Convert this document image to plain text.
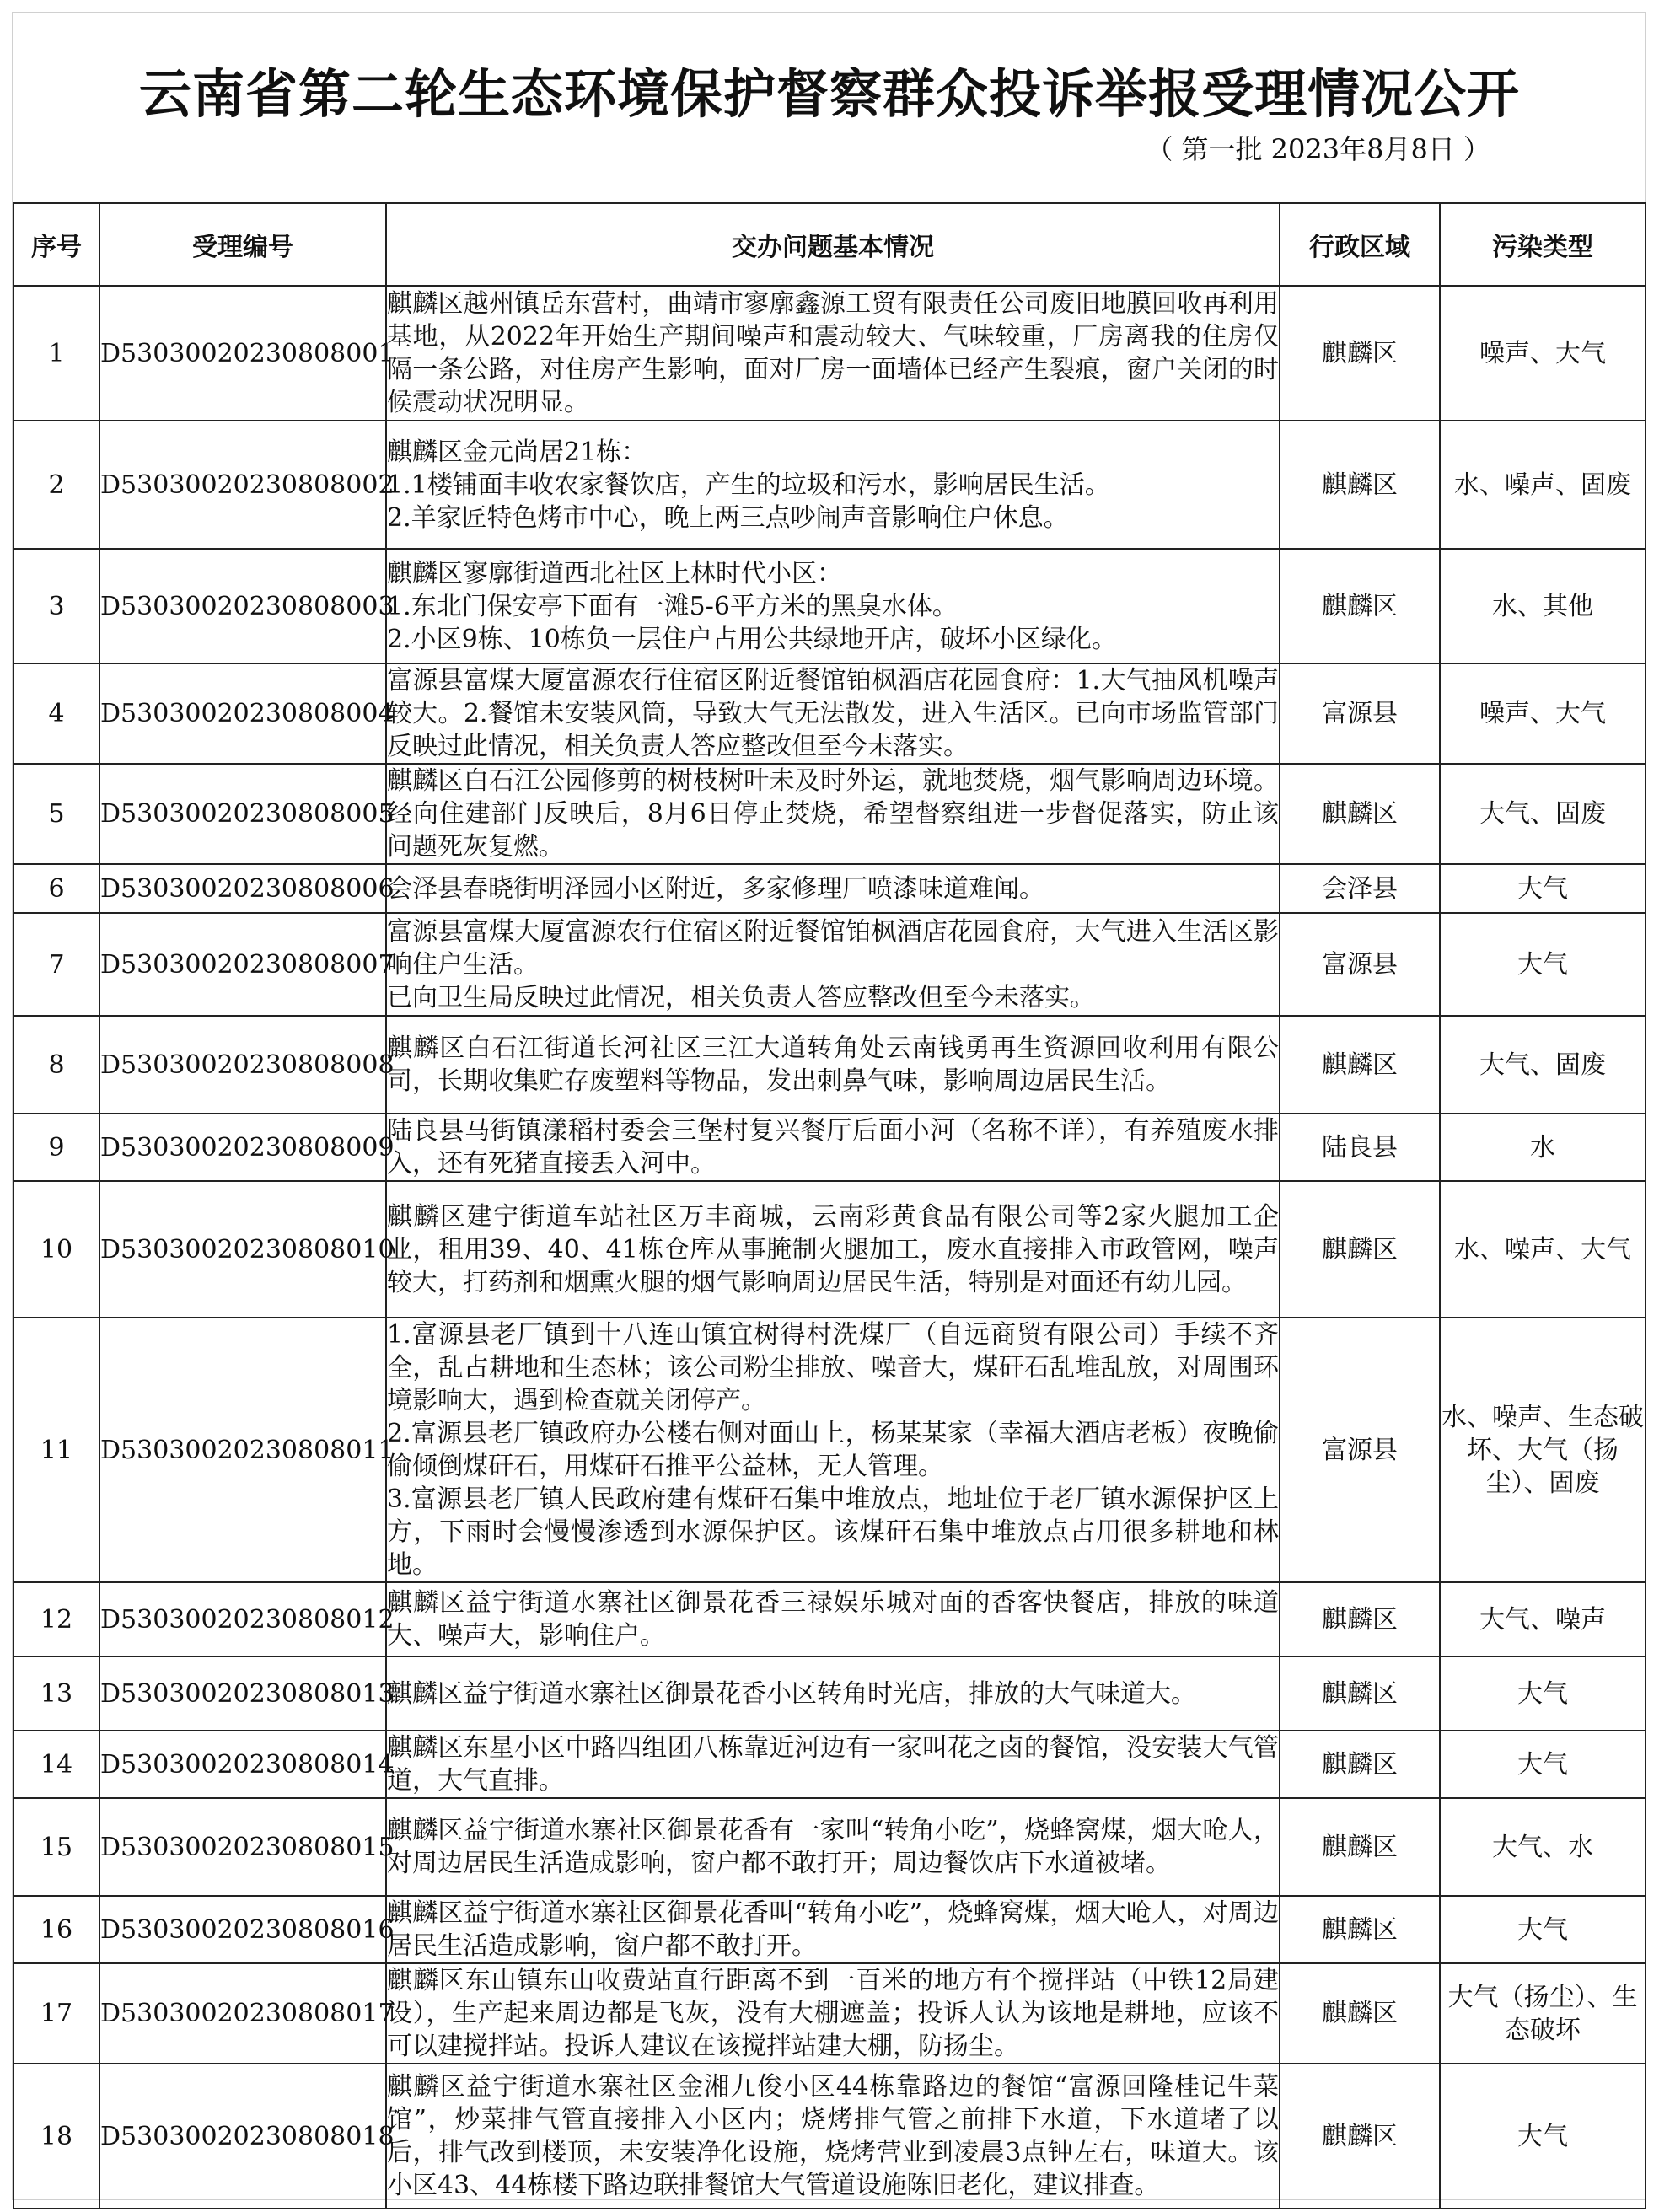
云南省第二轮生态环境保护督察群众投诉举报受理情况公开

（ 第一批 2023年8月8日 ）

序号	受理编号	交办问题基本情况	行政区域	污染类型
1	D53030020230808001	麒麟区越州镇岳东营村，曲靖市寥廓鑫源工贸有限责任公司废旧地膜回收再利用基地，从2022年开始生产期间噪声和震动较大、气味较重，厂房离我的住房仅隔一条公路，对住房产生影响，面对厂房一面墙体已经产生裂痕，窗户关闭的时候震动状况明显。	麒麟区	噪声、大气
2	D53030020230808002	麒麟区金元尚居21栋：
1.1楼铺面丰收农家餐饮店，产生的垃圾和污水，影响居民生活。
2.羊家匠特色烤市中心，晚上两三点吵闹声音影响住户休息。	麒麟区	水、噪声、固废
3	D53030020230808003	麒麟区寥廓街道西北社区上林时代小区：
1.东北门保安亭下面有一滩5-6平方米的黑臭水体。
2.小区9栋、10栋负一层住户占用公共绿地开店，破坏小区绿化。	麒麟区	水、其他
4	D53030020230808004	富源县富煤大厦富源农行住宿区附近餐馆铂枫酒店花园食府：1.大气抽风机噪声较大。2.餐馆未安装风筒，导致大气无法散发，进入生活区。已向市场监管部门反映过此情况，相关负责人答应整改但至今未落实。	富源县	噪声、大气
5	D53030020230808005	麒麟区白石江公园修剪的树枝树叶未及时外运，就地焚烧，烟气影响周边环境。经向住建部门反映后，8月6日停止焚烧，希望督察组进一步督促落实，防止该问题死灰复燃。	麒麟区	大气、固废
6	D53030020230808006	会泽县春晓街明泽园小区附近，多家修理厂喷漆味道难闻。	会泽县	大气
7	D53030020230808007	富源县富煤大厦富源农行住宿区附近餐馆铂枫酒店花园食府，大气进入生活区影响住户生活。
已向卫生局反映过此情况，相关负责人答应整改但至今未落实。	富源县	大气
8	D53030020230808008	麒麟区白石江街道长河社区三江大道转角处云南钱勇再生资源回收利用有限公司，长期收集贮存废塑料等物品，发出刺鼻气味，影响周边居民生活。	麒麟区	大气、固废
9	D53030020230808009	陆良县马街镇漾稻村委会三堡村复兴餐厅后面小河（名称不详），有养殖废水排入，还有死猪直接丢入河中。	陆良县	水
10	D53030020230808010	麒麟区建宁街道车站社区万丰商城，云南彩黄食品有限公司等2家火腿加工企业，租用39、40、41栋仓库从事腌制火腿加工，废水直接排入市政管网，噪声较大，打药剂和烟熏火腿的烟气影响周边居民生活，特别是对面还有幼儿园。	麒麟区	水、噪声、大气
11	D53030020230808011	1.富源县老厂镇到十八连山镇宜树得村洗煤厂（自远商贸有限公司）手续不齐全，乱占耕地和生态林；该公司粉尘排放、噪音大，煤矸石乱堆乱放，对周围环境影响大，遇到检查就关闭停产。
2.富源县老厂镇政府办公楼右侧对面山上，杨某某家（幸福大酒店老板）夜晚偷偷倾倒煤矸石，用煤矸石推平公益林，无人管理。
3.富源县老厂镇人民政府建有煤矸石集中堆放点，地址位于老厂镇水源保护区上方，下雨时会慢慢渗透到水源保护区。该煤矸石集中堆放点占用很多耕地和林地。	富源县	水、噪声、生态破坏、大气（扬尘）、固废
12	D53030020230808012	麒麟区益宁街道水寨社区御景花香三禄娱乐城对面的香客快餐店，排放的味道大、噪声大，影响住户。	麒麟区	大气、噪声
13	D53030020230808013	麒麟区益宁街道水寨社区御景花香小区转角时光店，排放的大气味道大。	麒麟区	大气
14	D53030020230808014	麒麟区东星小区中路四组团八栋靠近河边有一家叫花之卤的餐馆，没安装大气管道，大气直排。	麒麟区	大气
15	D53030020230808015	麒麟区益宁街道水寨社区御景花香有一家叫“转角小吃”，烧蜂窝煤，烟大呛人，对周边居民生活造成影响，窗户都不敢打开；周边餐饮店下水道被堵。	麒麟区	大气、水
16	D53030020230808016	麒麟区益宁街道水寨社区御景花香叫“转角小吃”，烧蜂窝煤，烟大呛人，对周边居民生活造成影响，窗户都不敢打开。	麒麟区	大气
17	D53030020230808017	麒麟区东山镇东山收费站直行距离不到一百米的地方有个搅拌站（中铁12局建设），生产起来周边都是飞灰，没有大棚遮盖；投诉人认为该地是耕地，应该不可以建搅拌站。投诉人建议在该搅拌站建大棚，防扬尘。	麒麟区	大气（扬尘）、生态破坏
18	D53030020230808018	麒麟区益宁街道水寨社区金湘九俊小区44栋靠路边的餐馆“富源回隆桂记牛菜馆”，炒菜排气管直接排入小区内；烧烤排气管之前排下水道，下水道堵了以后，排气改到楼顶，未安装净化设施，烧烤营业到凌晨3点钟左右，味道大。该小区43、44栋楼下路边联排餐馆大气管道设施陈旧老化，建议排查。	麒麟区	大气
